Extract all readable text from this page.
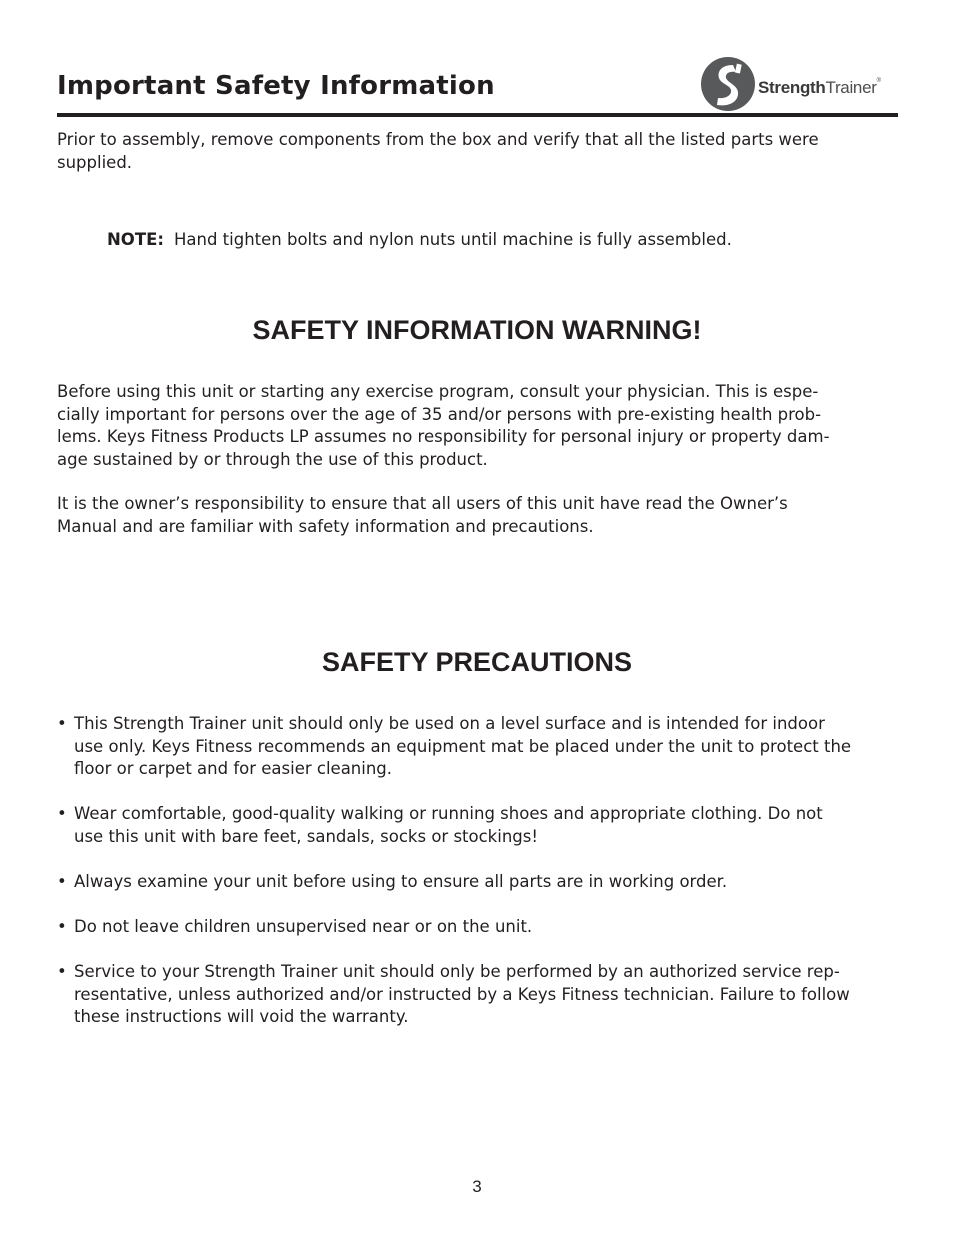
Important Safety Information	StrengthTrainer®
Prior to assembly, remove components from the box and verify that all the listed parts were
supplied.
NOTE: Hand tighten bolts and nylon nuts until machine is fully assembled.
SAFETY INFORMATION WARNING!
Before using this unit or starting any exercise program, consult your physician. This is espe-
cially important for persons over the age of 35 and/or persons with pre-existing health prob-
lems. Keys Fitness Products LP assumes no responsibility for personal injury or property dam-
age sustained by or through the use of this product.
It is the owner’s responsibility to ensure that all users of this unit have read the Owner’s
Manual and are familiar with safety information and precautions.
SAFETY PRECAUTIONS
• This Strength Trainer unit should only be used on a level surface and is intended for indoor
use only. Keys Fitness recommends an equipment mat be placed under the unit to protect the
floor or carpet and for easier cleaning.
• Wear comfortable, good-quality walking or running shoes and appropriate clothing. Do not
use this unit with bare feet, sandals, socks or stockings!
• Always examine your unit before using to ensure all parts are in working order.
• Do not leave children unsupervised near or on the unit.
• Service to your Strength Trainer unit should only be performed by an authorized service rep-
resentative, unless authorized and/or instructed by a Keys Fitness technician. Failure to follow
these instructions will void the warranty.
3
